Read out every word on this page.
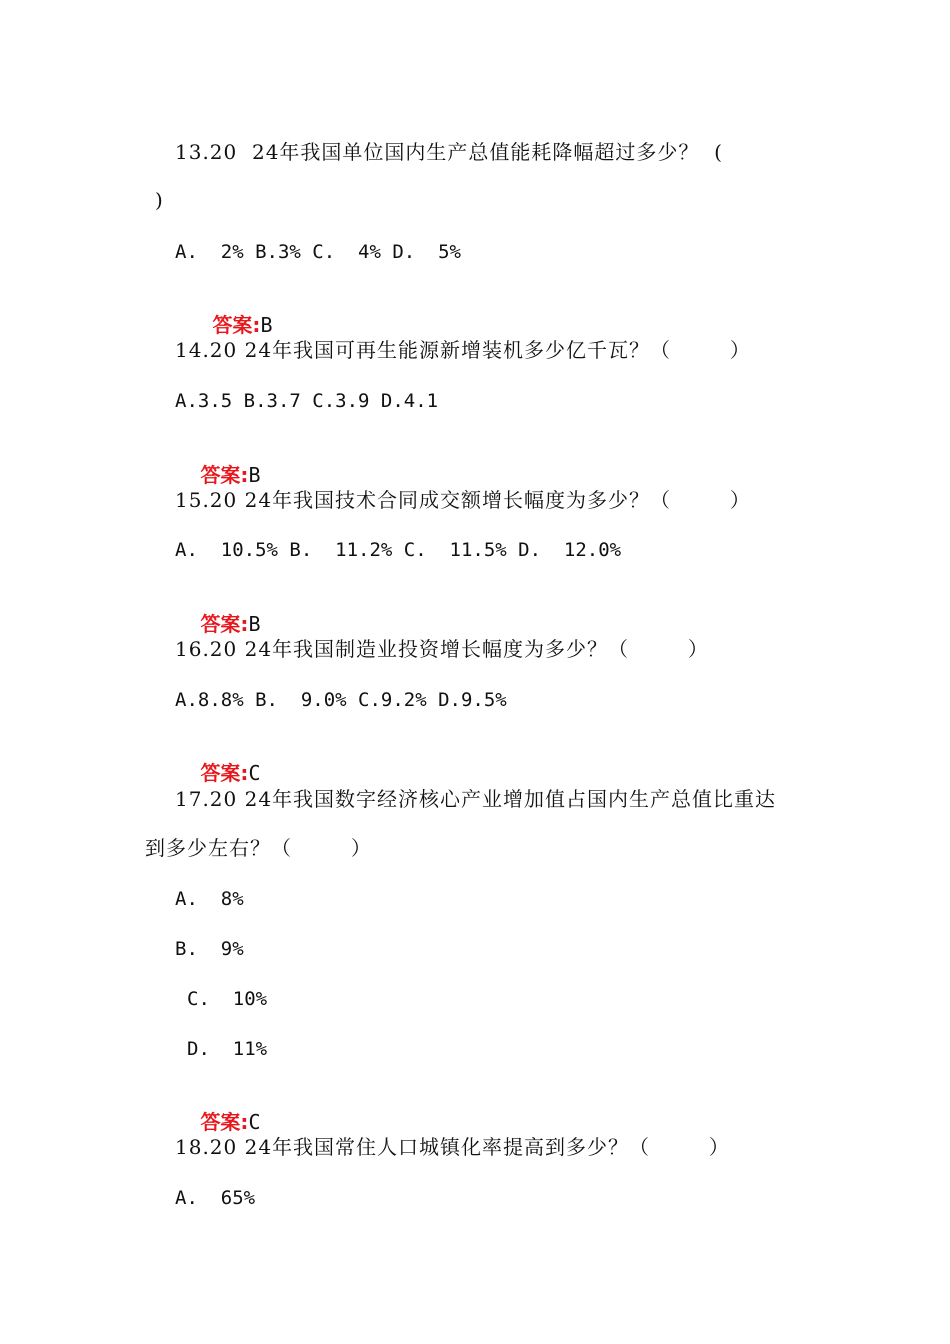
13.20  24年我国单位国内生产总值能耗降幅超过多少？  (
)
A.  2% B.3% C.  4% D.  5%

答案:B

14.20 24年我国可再生能源新增装机多少亿千瓦？（        ）
A.3.5 B.3.7 C.3.9 D.4.1

答案:B

15.20 24年我国技术合同成交额增长幅度为多少？（        ）
A.  10.5% B.  11.2% C.  11.5% D.  12.0%

答案:B

16.20 24年我国制造业投资增长幅度为多少？（        ）
A.8.8% B.  9.0% C.9.2% D.9.5%

答案:C

17.20 24年我国数字经济核心产业增加值占国内生产总值比重达
到多少左右？（        ）
A.  8%
B.  9%
C.  10%
D.  11%

答案:C

18.20 24年我国常住人口城镇化率提高到多少？（        ）
A.  65%
